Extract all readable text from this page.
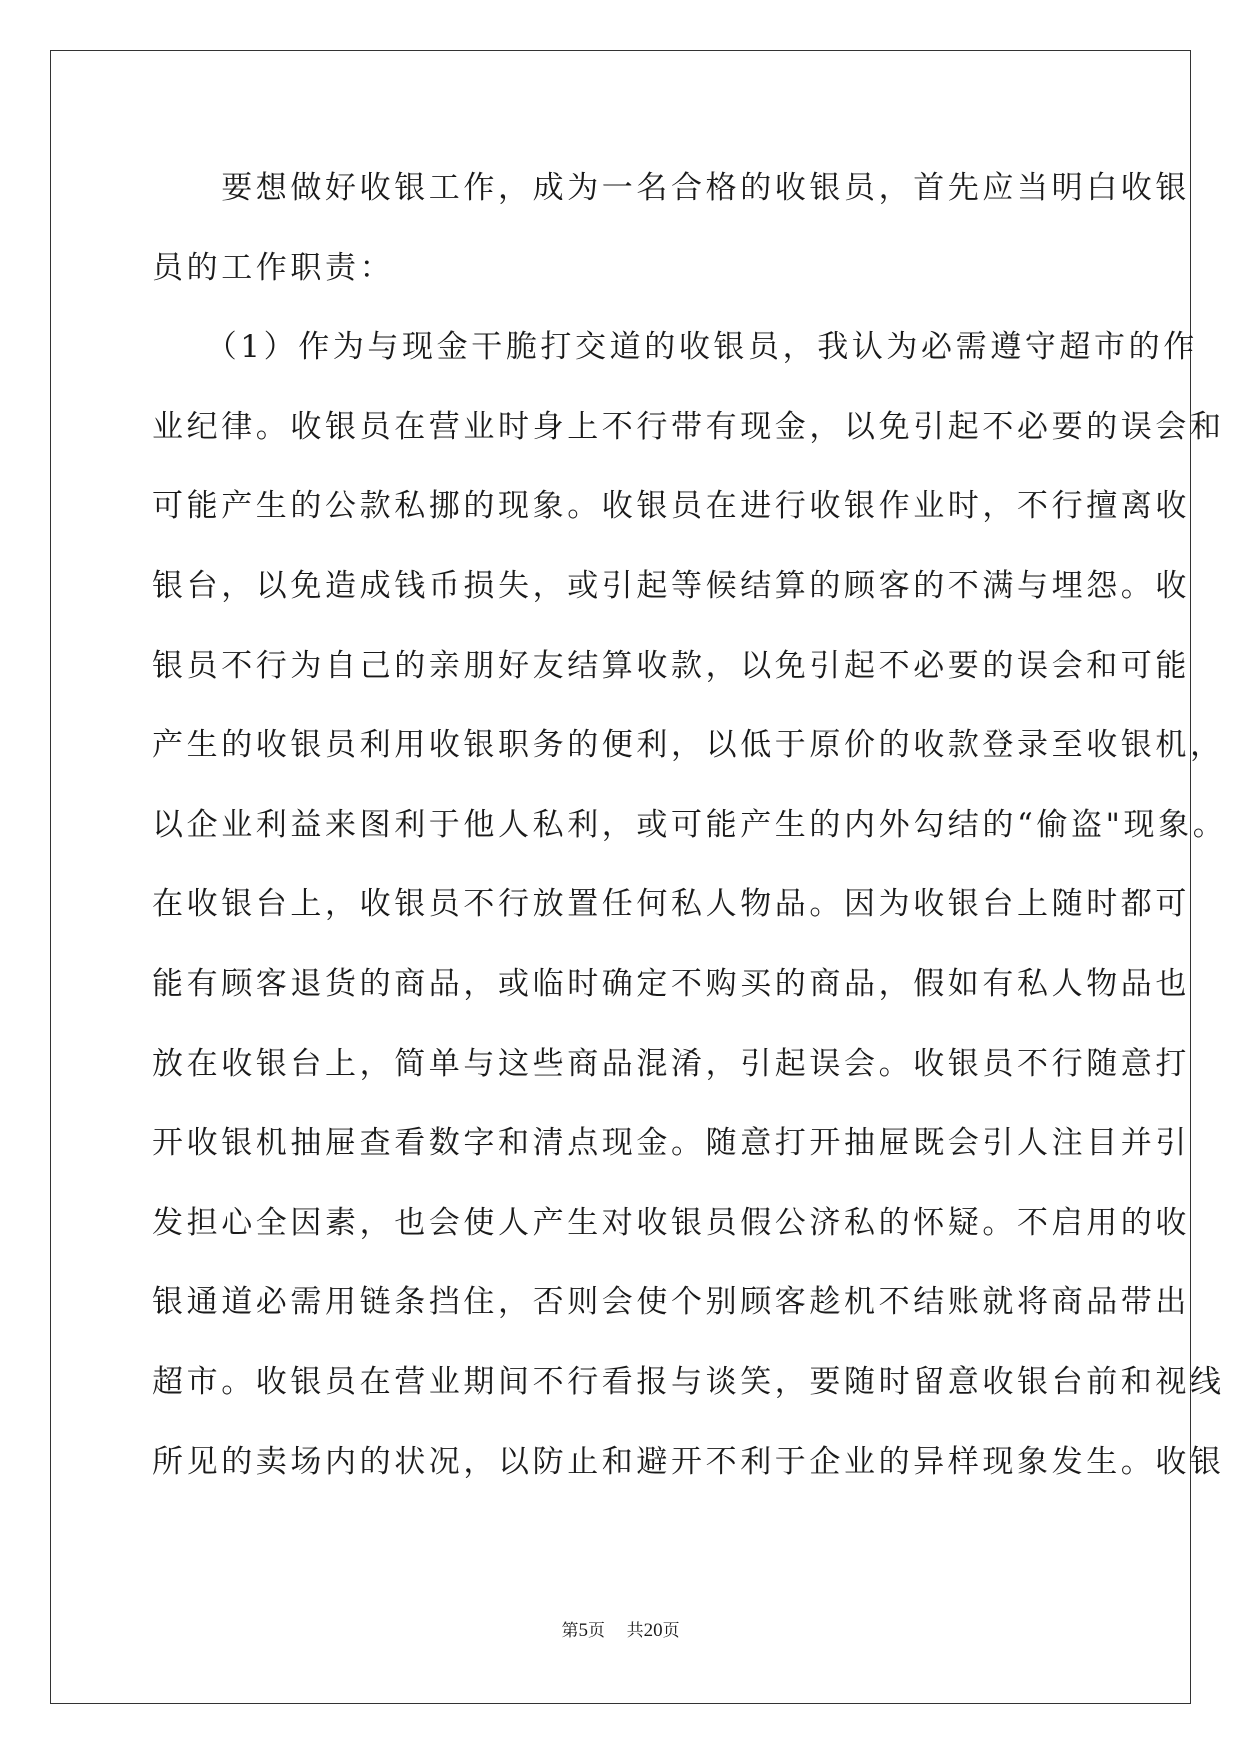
　　要想做好收银工作，成为一名合格的收银员，首先应当明白收银
员的工作职责：
　　（1）作为与现金干脆打交道的收银员，我认为必需遵守超市的作
业纪律。收银员在营业时身上不行带有现金，以免引起不必要的误会和
可能产生的公款私挪的现象。收银员在进行收银作业时，不行擅离收
银台，以免造成钱币损失，或引起等候结算的顾客的不满与埋怨。收
银员不行为自己的亲朋好友结算收款，以免引起不必要的误会和可能
产生的收银员利用收银职务的便利，以低于原价的收款登录至收银机，
以企业利益来图利于他人私利，或可能产生的内外勾结的“偷盗"现象。
在收银台上，收银员不行放置任何私人物品。因为收银台上随时都可
能有顾客退货的商品，或临时确定不购买的商品，假如有私人物品也
放在收银台上，简单与这些商品混淆，引起误会。收银员不行随意打
开收银机抽屉查看数字和清点现金。随意打开抽屉既会引人注目并引
发担心全因素，也会使人产生对收银员假公济私的怀疑。不启用的收
银通道必需用链条挡住，否则会使个别顾客趁机不结账就将商品带出
超市。收银员在营业期间不行看报与谈笑，要随时留意收银台前和视线
所见的卖场内的状况，以防止和避开不利于企业的异样现象发生。收银
第5页 共20页
